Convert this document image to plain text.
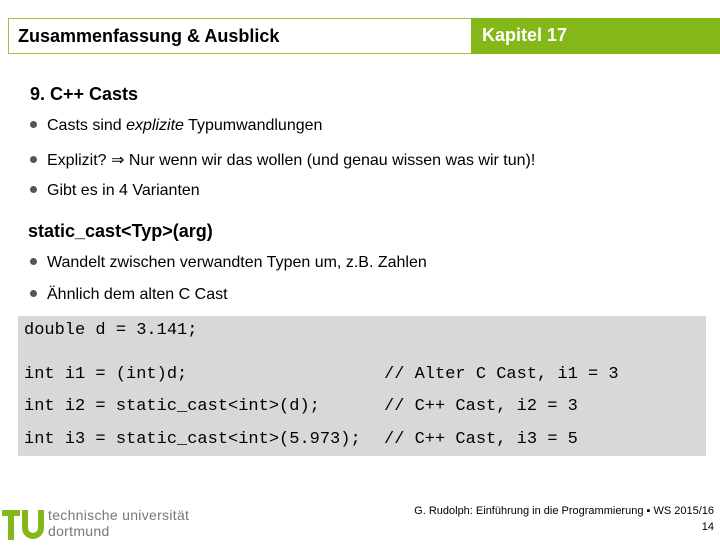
Zusammenfassung & Ausblick	Kapitel 17
9. C++ Casts
Casts sind explizite Typumwandlungen
Explizit? ⇒ Nur wenn wir das wollen (und genau wissen was wir tun)!
Gibt es in 4 Varianten
static_cast<Typ>(arg)
Wandelt zwischen verwandten Typen um, z.B. Zahlen
Ähnlich dem alten C Cast
double d = 3.141;
int i1 = (int)d;	// Alter C Cast, i1 = 3
int i2 = static_cast<int>(d);	// C++ Cast, i2 = 3
int i3 = static_cast<int>(5.973); // C++ Cast, i3 = 5
technische universität
dortmund
G. Rudolph: Einführung in die Programmierung ▪ WS 2015/16
14
